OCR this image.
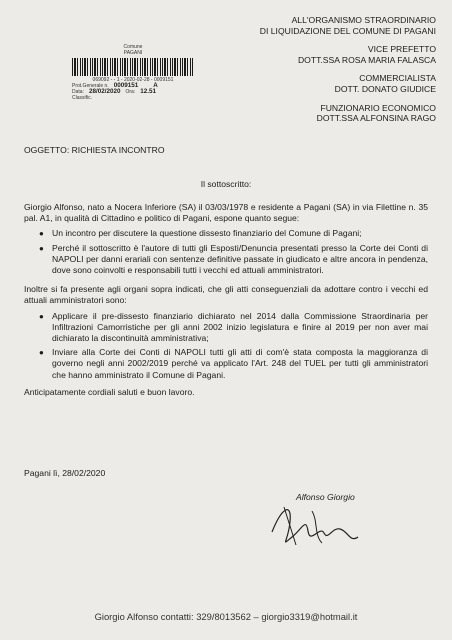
ALL'ORGANISMO STRAORDINARIO
DI LIQUIDAZIONE DEL COMUNE DI PAGANI
VICE PREFETTO
DOTT.SSA ROSA MARIA FALASCA
COMMERCIALISTA
DOTT. DONATO GIUDICE
FUNZIONARIO ECONOMICO
DOTT.SSA ALFONSINA RAGO
Comune
PAGANI
069092 - - 1 - 2020-02-28 - 0009151
Prot.Generale n. 0009151 A
Data: 28/02/2020 Ora: 12.51
Classific.
OGGETTO: RICHIESTA INCONTRO
Il sottoscritto:
Giorgio Alfonso, nato a Nocera Inferiore (SA) il 03/03/1978 e residente a Pagani (SA) in via Filettine n. 35 pal. A1, in qualità di Cittadino e politico di Pagani, espone quanto segue:
● Un incontro per discutere la questione dissesto finanziario del Comune di Pagani;
● Perché il sottoscritto è l'autore di tutti gli Esposti/Denuncia presentati presso la Corte dei Conti di NAPOLI per danni erariali con sentenze definitive passate in giudicato e altre ancora in pendenza, dove sono coinvolti e responsabili tutti i vecchi ed attuali amministratori.
Inoltre si fa presente agli organi sopra indicati, che gli atti conseguenziali da adottare contro i vecchi ed attuali amministratori sono:
● Applicare il pre-dissesto finanziario dichiarato nel 2014 dalla Commissione Straordinaria per Infiltrazioni Camorristiche per gli anni 2002 inizio legislatura e finire al 2019 per non aver mai dichiarato la discontinuità amministrativa;
● Inviare alla Corte dei Conti di NAPOLI tutti gli atti di com'è stata composta la maggioranza di governo negli anni 2002/2019 perché va applicato l'Art. 248 del TUEL per tutti gli amministratori che hanno amministrato il Comune di Pagani.
Anticipatamente cordiali saluti e buon lavoro.
Pagani lì, 28/02/2020
Alfonso Giorgio
Giorgio Alfonso contatti: 329/8013562 – giorgio3319@hotmail.it
